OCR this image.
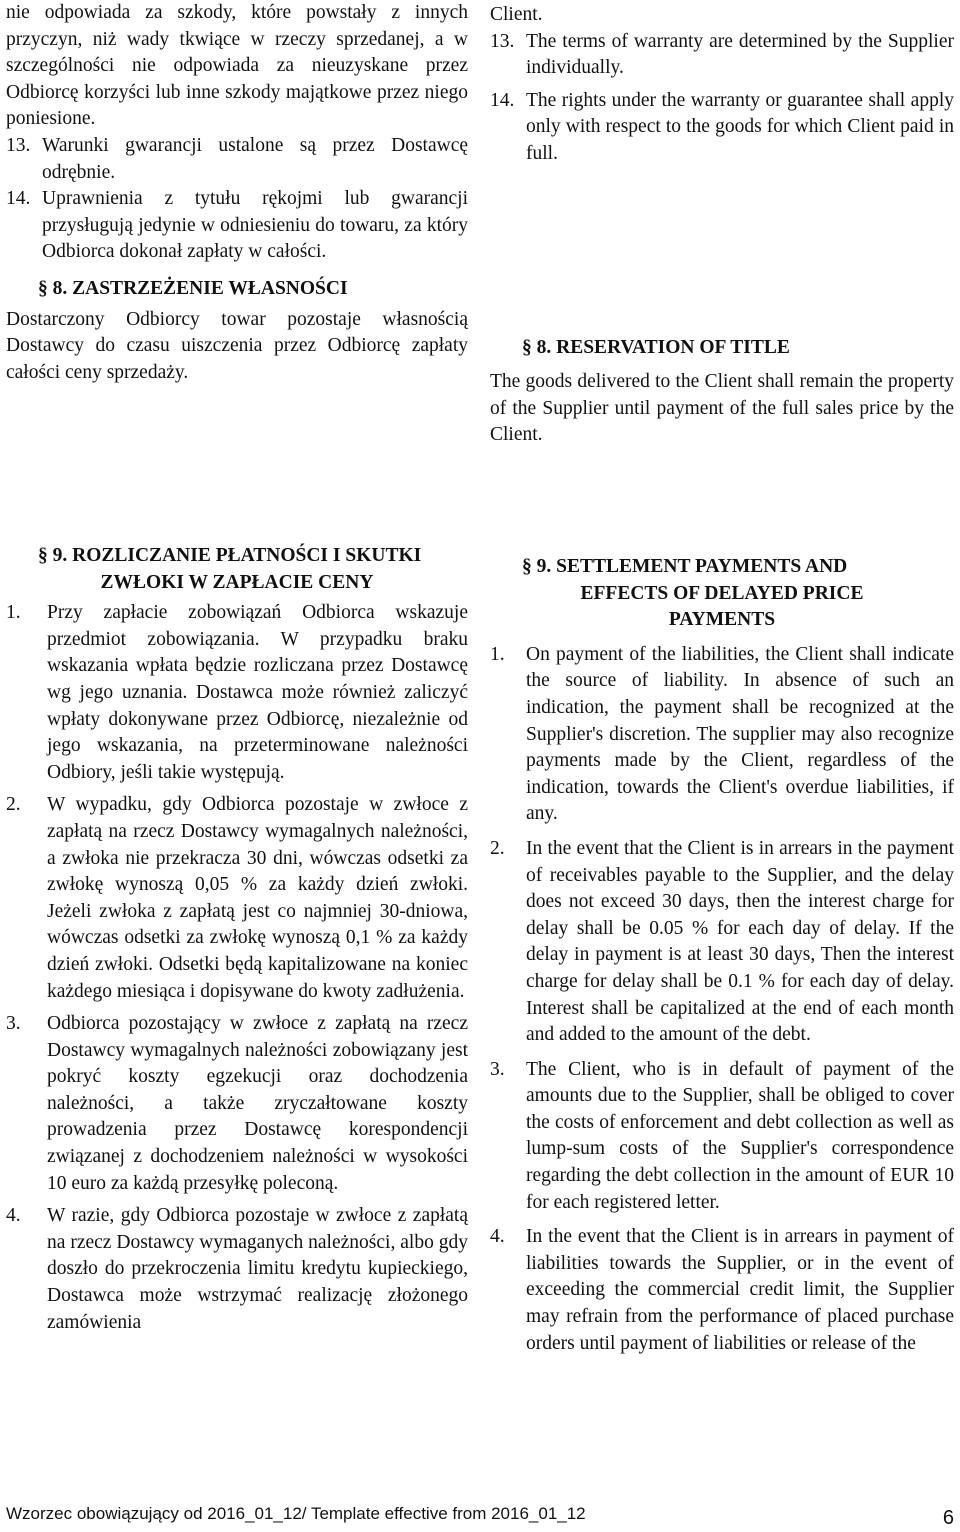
nie odpowiada za szkody, które powstały z innych przyczyn, niż wady tkwiące w rzeczy sprzedanej, a w szczególności nie odpowiada za nieuzyskane przez Odbiorcę korzyści lub inne szkody majątkowe przez niego poniesione.

13. Warunki gwarancji ustalone są przez Dostawcę odrębnie.

14. Uprawnienia z tytułu rękojmi lub gwarancji przysługują jedynie w odniesieniu do towaru, za który Odbiorca dokonał zapłaty w całości.

§ 8. ZASTRZEŻENIE WŁASNOŚCI

Dostarczony Odbiorcy towar pozostaje własnością Dostawcy do czasu uiszczenia przez Odbiorcę zapłaty całości ceny sprzedaży.

Client.

13. The terms of warranty are determined by the Supplier individually.

14. The rights under the warranty or guarantee shall apply only with respect to the goods for which Client paid in full.

§ 8. RESERVATION OF TITLE

The goods delivered to the Client shall remain the property of the Supplier until payment of the full sales price by the Client.

§ 9. ROZLICZANIE PŁATNOŚCI I SKUTKI

ZWŁOKI W ZAPŁACIE CENY

1. Przy zapłacie zobowiązań Odbiorca wskazuje przedmiot zobowiązania. W przypadku braku wskazania wpłata będzie rozliczana przez Dostawcę wg jego uznania. Dostawca może również zaliczyć wpłaty dokonywane przez Odbiorcę, niezależnie od jego wskazania, na przeterminowane należności Odbiory, jeśli takie występują.

2. W wypadku, gdy Odbiorca pozostaje w zwłoce z zapłatą na rzecz Dostawcy wymagalnych należności, a zwłoka nie przekracza 30 dni, wówczas odsetki za zwłokę wynoszą 0,05 % za każdy dzień zwłoki. Jeżeli zwłoka z zapłatą jest co najmniej 30-dniowa, wówczas odsetki za zwłokę wynoszą 0,1 % za każdy dzień zwłoki. Odsetki będą kapitalizowane na koniec każdego miesiąca i dopisywane do kwoty zadłużenia.

3. Odbiorca pozostający w zwłoce z zapłatą na rzecz Dostawcy wymagalnych należności zobowiązany jest pokryć koszty egzekucji oraz dochodzenia należności, a także zryczałtowane koszty prowadzenia przez Dostawcę korespondencji związanej z dochodzeniem należności w wysokości 10 euro za każdą przesyłkę poleconą.

4. W razie, gdy Odbiorca pozostaje w zwłoce z zapłatą na rzecz Dostawcy wymaganych należności, albo gdy doszło do przekroczenia limitu kredytu kupieckiego, Dostawca może wstrzymać realizację złożonego zamówienia

§ 9. SETTLEMENT PAYMENTS AND

EFFECTS OF DELAYED PRICE

PAYMENTS

1. On payment of the liabilities, the Client shall indicate the source of liability. In absence of such an indication, the payment shall be recognized at the Supplier's discretion. The supplier may also recognize payments made by the Client, regardless of the indication, towards the Client's overdue liabilities, if any.

2. In the event that the Client is in arrears in the payment of receivables payable to the Supplier, and the delay does not exceed 30 days, then the interest charge for delay shall be 0.05 % for each day of delay. If the delay in payment is at least 30 days, Then the interest charge for delay shall be 0.1 % for each day of delay. Interest shall be capitalized at the end of each month and added to the amount of the debt.

3. The Client, who is in default of payment of the amounts due to the Supplier, shall be obliged to cover the costs of enforcement and debt collection as well as lump-sum costs of the Supplier's correspondence regarding the debt collection in the amount of EUR 10 for each registered letter.

4. In the event that the Client is in arrears in payment of liabilities towards the Supplier, or in the event of exceeding the commercial credit limit, the Supplier may refrain from the performance of placed purchase orders until payment of liabilities or release of the

Wzorzec obowiązujący od 2016_01_12/ Template effective from 2016_01_12	6
